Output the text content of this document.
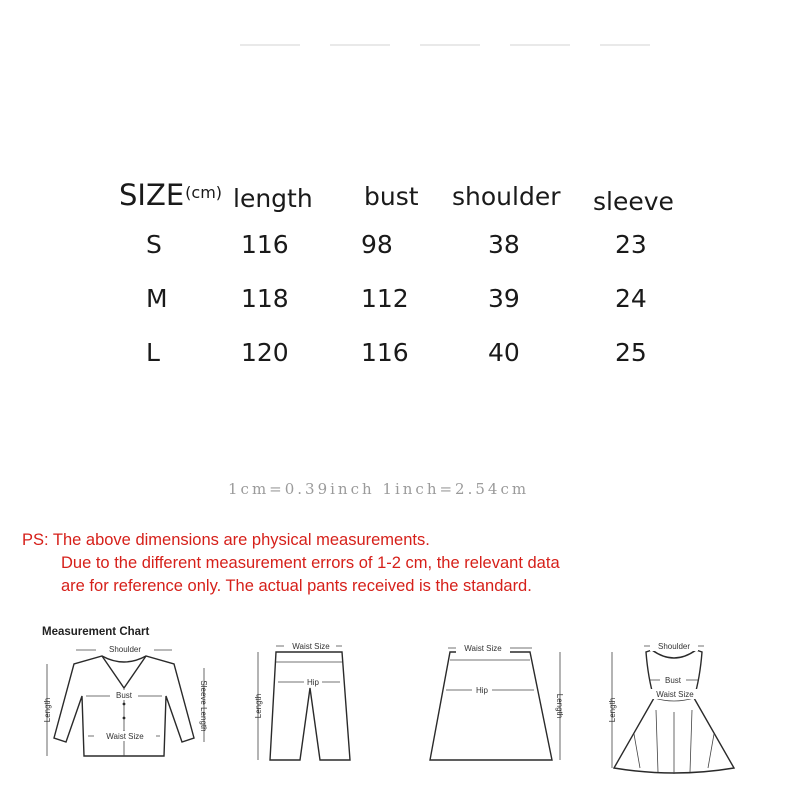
$SIZE^{(cm)}$ length bust shoulder sleeve
S	116	98	38	23
M	118	112	39	24
L	120	116	40	25
1cm=0.39inch 1inch=2.54cm
PS: The above dimensions are physical measurements.
Due to the different measurement errors of 1-2 cm, the relevant data
are for reference only. The actual pants received is the standard.
Measurement Chart
Shoulder
Bust
Waist Size
Length	Sleeve Length
Waist Size
Hip
Length
Waist Size
Hip
Length
Shoulder
Bust
Waist Size
Length
